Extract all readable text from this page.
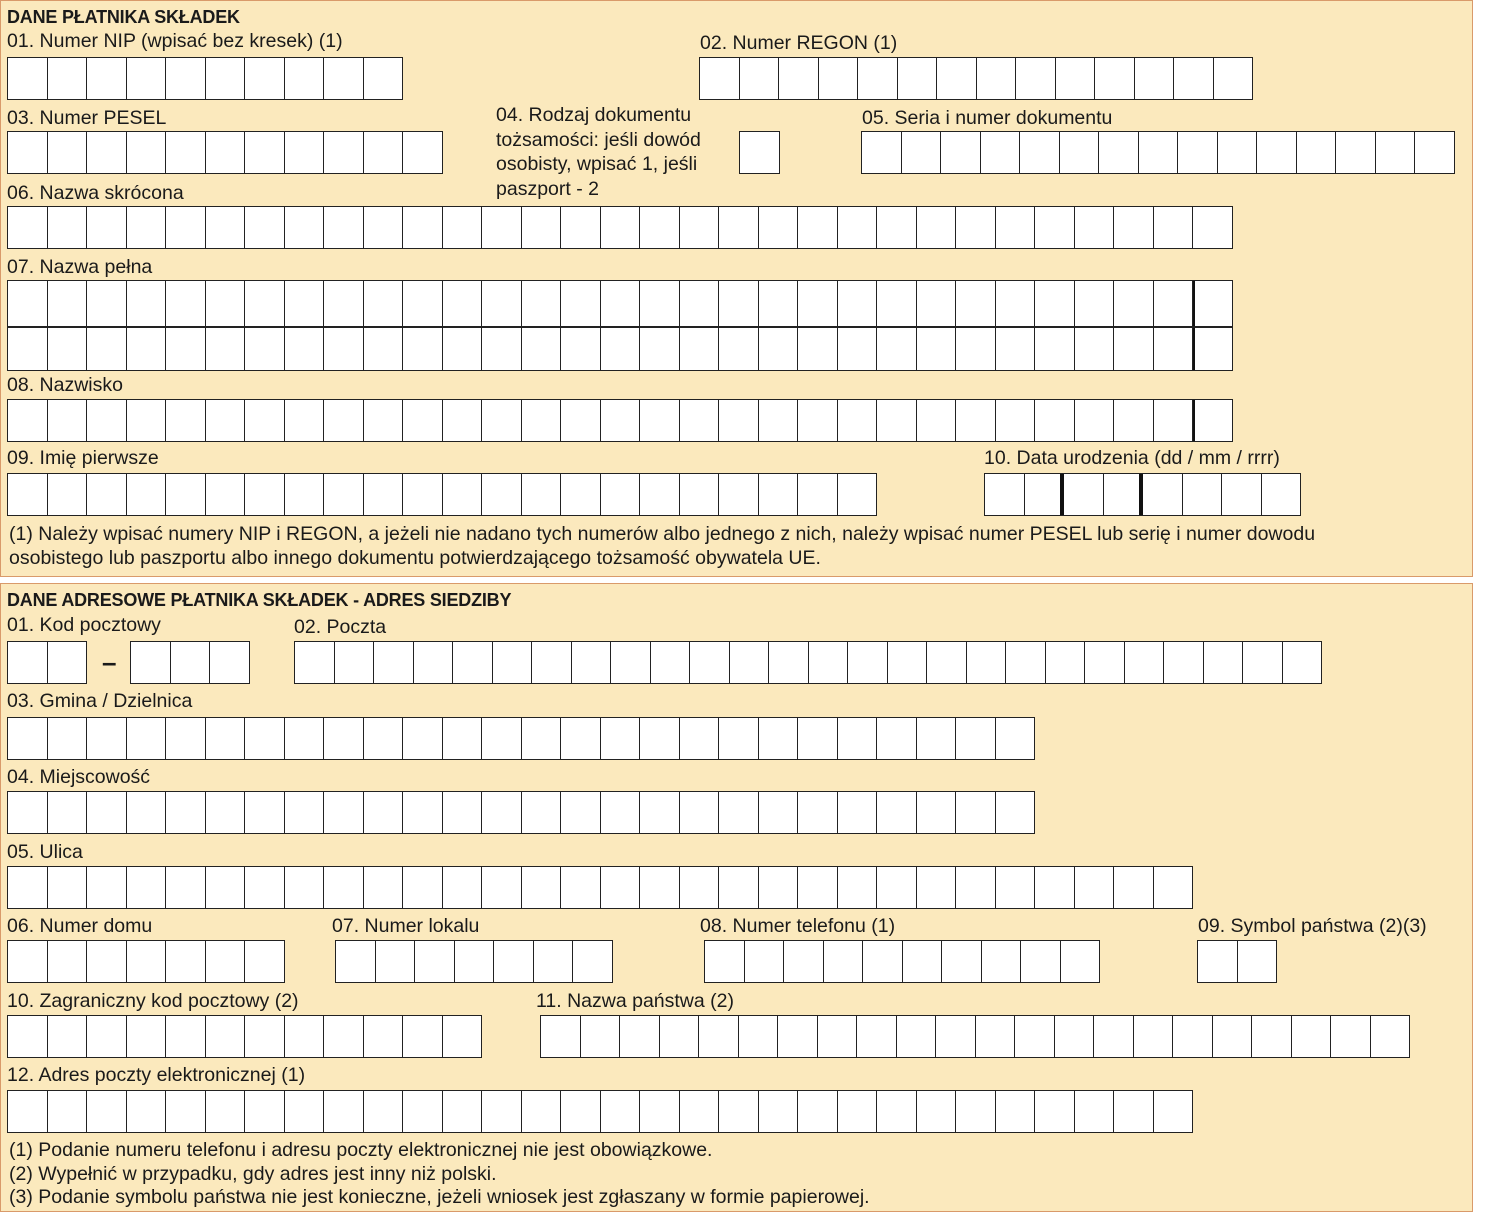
DANE PŁATNIKA SKŁADEK
01. Numer NIP (wpisać bez kresek) (1)	02. Numer REGON (1)
03. Numer PESEL	04. Rodzaj dokumentu tożsamości: jeśli dowód osobisty, wpisać 1, jeśli paszport - 2
05. Seria i numer dokumentu
06. Nazwa skrócona
07. Nazwa pełna
08. Nazwisko
09. Imię pierwsze	10. Data urodzenia (dd / mm / rrrr)
(1) Należy wpisać numery NIP i REGON, a jeżeli nie nadano tych numerów albo jednego z nich, należy wpisać numer PESEL lub serię i numer dowodu
osobistego lub paszportu albo innego dokumentu potwierdzającego tożsamość obywatela UE.
DANE ADRESOWE PŁATNIKA SKŁADEK - ADRES SIEDZIBY
01. Kod pocztowy
–
02. Poczta
03. Gmina / Dzielnica
04. Miejscowość
05. Ulica
06. Numer domu	07. Numer lokalu	08. Numer telefonu (1)	09. Symbol państwa (2)(3)
10. Zagraniczny kod pocztowy (2)	11. Nazwa państwa (2)
12. Adres poczty elektronicznej (1)
(1) Podanie numeru telefonu i adresu poczty elektronicznej nie jest obowiązkowe.
(2) Wypełnić w przypadku, gdy adres jest inny niż polski.
(3) Podanie symbolu państwa nie jest konieczne, jeżeli wniosek jest zgłaszany w formie papierowej.
